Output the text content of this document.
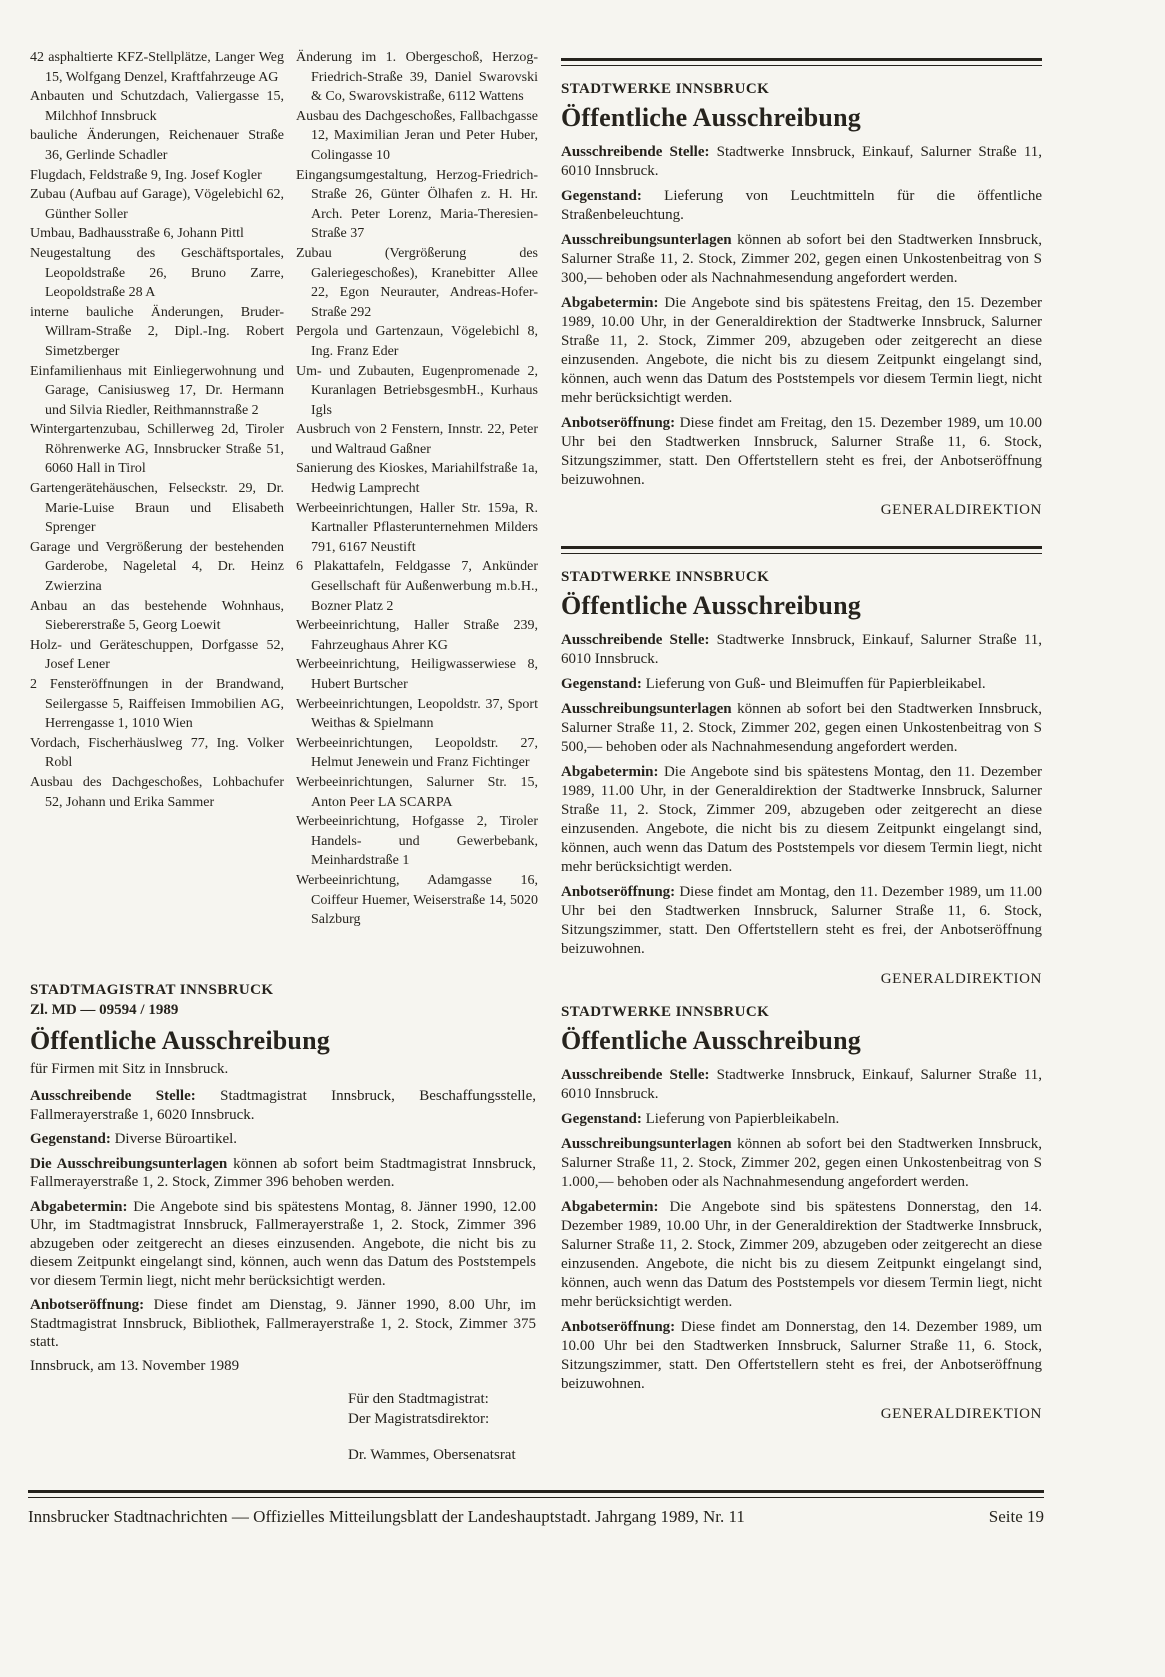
42 asphaltierte KFZ-Stellplätze, Langer Weg 15, Wolfgang Denzel, Kraftfahrzeuge AG

Anbauten und Schutzdach, Valiergasse 15, Milchhof Innsbruck

bauliche Änderungen, Reichenauer Straße 36, Gerlinde Schadler

Flugdach, Feldstraße 9, Ing. Josef Kogler

Zubau (Aufbau auf Garage), Vögelebichl 62, Günther Soller

Umbau, Badhausstraße 6, Johann Pittl

Neugestaltung des Geschäftsportales, Leopoldstraße 26, Bruno Zarre, Leopoldstraße 28 A

interne bauliche Änderungen, Bruder-Willram-Straße 2, Dipl.-Ing. Robert Simetzberger

Einfamilienhaus mit Einliegerwohnung und Garage, Canisiusweg 17, Dr. Hermann und Silvia Riedler, Reithmannstraße 2

Wintergartenzubau, Schillerweg 2d, Tiroler Röhrenwerke AG, Innsbrucker Straße 51, 6060 Hall in Tirol

Gartengerätehäuschen, Felseckstr. 29, Dr. Marie-Luise Braun und Elisabeth Sprenger

Garage und Vergrößerung der bestehenden Garderobe, Nageletal 4, Dr. Heinz Zwierzina

Anbau an das bestehende Wohnhaus, Siebererstraße 5, Georg Loewit

Holz- und Geräteschuppen, Dorfgasse 52, Josef Lener

2 Fensteröffnungen in der Brandwand, Seilergasse 5, Raiffeisen Immobilien AG, Herrengasse 1, 1010 Wien

Vordach, Fischerhäuslweg 77, Ing. Volker Robl

Ausbau des Dachgeschoßes, Lohbachufer 52, Johann und Erika Sammer

Änderung im 1. Obergeschoß, Herzog-Friedrich-Straße 39, Daniel Swarovski & Co, Swarovskistraße, 6112 Wattens

Ausbau des Dachgeschoßes, Fallbachgasse 12, Maximilian Jeran und Peter Huber, Colingasse 10

Eingangsumgestaltung, Herzog-Friedrich-Straße 26, Günter Ölhafen z. H. Hr. Arch. Peter Lorenz, Maria-Theresien-Straße 37

Zubau (Vergrößerung des Galeriegeschoßes), Kranebitter Allee 22, Egon Neurauter, Andreas-Hofer-Straße 292

Pergola und Gartenzaun, Vögelebichl 8, Ing. Franz Eder

Um- und Zubauten, Eugenpromenade 2, Kuranlagen BetriebsgesmbH., Kurhaus Igls

Ausbruch von 2 Fenstern, Innstr. 22, Peter und Waltraud Gaßner

Sanierung des Kioskes, Mariahilfstraße 1a, Hedwig Lamprecht

Werbeeinrichtungen, Haller Str. 159a, R. Kartnaller Pflasterunternehmen Milders 791, 6167 Neustift

6 Plakattafeln, Feldgasse 7, Ankünder Gesellschaft für Außenwerbung m.b.H., Bozner Platz 2

Werbeeinrichtung, Haller Straße 239, Fahrzeughaus Ahrer KG

Werbeeinrichtung, Heiligwasserwiese 8, Hubert Burtscher

Werbeeinrichtungen, Leopoldstr. 37, Sport Weithas & Spielmann

Werbeeinrichtungen, Leopoldstr. 27, Helmut Jenewein und Franz Fichtinger

Werbeeinrichtungen, Salurner Str. 15, Anton Peer LA SCARPA

Werbeeinrichtung, Hofgasse 2, Tiroler Handels- und Gewerbebank, Meinhardstraße 1

Werbeeinrichtung, Adamgasse 16, Coiffeur Huemer, Weiserstraße 14, 5020 Salzburg

STADTMAGISTRAT INNSBRUCK

Zl. MD — 09594 / 1989

Öffentliche Ausschreibung

für Firmen mit Sitz in Innsbruck.

Ausschreibende Stelle: Stadtmagistrat Innsbruck, Beschaffungsstelle, Fallmerayerstraße 1, 6020 Innsbruck.

Gegenstand: Diverse Büroartikel.

Die Ausschreibungsunterlagen können ab sofort beim Stadtmagistrat Innsbruck, Fallmerayerstraße 1, 2. Stock, Zimmer 396 behoben werden.

Abgabetermin: Die Angebote sind bis spätestens Montag, 8. Jänner 1990, 12.00 Uhr, im Stadtmagistrat Innsbruck, Fallmerayerstraße 1, 2. Stock, Zimmer 396 abzugeben oder zeitgerecht an dieses einzusenden. Angebote, die nicht bis zu diesem Zeitpunkt eingelangt sind, können, auch wenn das Datum des Poststempels vor diesem Termin liegt, nicht mehr berücksichtigt werden.

Anbotseröffnung: Diese findet am Dienstag, 9. Jänner 1990, 8.00 Uhr, im Stadtmagistrat Innsbruck, Bibliothek, Fallmerayerstraße 1, 2. Stock, Zimmer 375 statt.

Innsbruck, am 13. November 1989

Für den Stadtmagistrat:

Der Magistratsdirektor:

Dr. Wammes, Obersenatsrat

STADTWERKE INNSBRUCK
Öffentliche Ausschreibung

Ausschreibende Stelle: Stadtwerke Innsbruck, Einkauf, Salurner Straße 11, 6010 Innsbruck.

Gegenstand: Lieferung von Leuchtmitteln für die öffentliche Straßenbeleuchtung.

Ausschreibungsunterlagen können ab sofort bei den Stadtwerken Innsbruck, Salurner Straße 11, 2. Stock, Zimmer 202, gegen einen Unkostenbeitrag von S 300,— behoben oder als Nachnahmesendung angefordert werden.

Abgabetermin: Die Angebote sind bis spätestens Freitag, den 15. Dezember 1989, 10.00 Uhr, in der Generaldirektion der Stadtwerke Innsbruck, Salurner Straße 11, 2. Stock, Zimmer 209, abzugeben oder zeitgerecht an diese einzusenden. Angebote, die nicht bis zu diesem Zeitpunkt eingelangt sind, können, auch wenn das Datum des Poststempels vor diesem Termin liegt, nicht mehr berücksichtigt werden.

Anbotseröffnung: Diese findet am Freitag, den 15. Dezember 1989, um 10.00 Uhr bei den Stadtwerken Innsbruck, Salurner Straße 11, 6. Stock, Sitzungszimmer, statt. Den Offertstellern steht es frei, der Anbotseröffnung beizuwohnen.

GENERALDIREKTION

STADTWERKE INNSBRUCK
Öffentliche Ausschreibung

Ausschreibende Stelle: Stadtwerke Innsbruck, Einkauf, Salurner Straße 11, 6010 Innsbruck.

Gegenstand: Lieferung von Guß- und Bleimuffen für Papierbleikabel.

Ausschreibungsunterlagen können ab sofort bei den Stadtwerken Innsbruck, Salurner Straße 11, 2. Stock, Zimmer 202, gegen einen Unkostenbeitrag von S 500,— behoben oder als Nachnahmesendung angefordert werden.

Abgabetermin: Die Angebote sind bis spätestens Montag, den 11. Dezember 1989, 11.00 Uhr, in der Generaldirektion der Stadtwerke Innsbruck, Salurner Straße 11, 2. Stock, Zimmer 209, abzugeben oder zeitgerecht an diese einzusenden. Angebote, die nicht bis zu diesem Zeitpunkt eingelangt sind, können, auch wenn das Datum des Poststempels vor diesem Termin liegt, nicht mehr berücksichtigt werden.

Anbotseröffnung: Diese findet am Montag, den 11. Dezember 1989, um 11.00 Uhr bei den Stadtwerken Innsbruck, Salurner Straße 11, 6. Stock, Sitzungszimmer, statt. Den Offertstellern steht es frei, der Anbotseröffnung beizuwohnen.

GENERALDIREKTION

STADTWERKE INNSBRUCK
Öffentliche Ausschreibung

Ausschreibende Stelle: Stadtwerke Innsbruck, Einkauf, Salurner Straße 11, 6010 Innsbruck.

Gegenstand: Lieferung von Papierbleikabeln.

Ausschreibungsunterlagen können ab sofort bei den Stadtwerken Innsbruck, Salurner Straße 11, 2. Stock, Zimmer 202, gegen einen Unkostenbeitrag von S 1.000,— behoben oder als Nachnahmesendung angefordert werden.

Abgabetermin: Die Angebote sind bis spätestens Donnerstag, den 14. Dezember 1989, 10.00 Uhr, in der Generaldirektion der Stadtwerke Innsbruck, Salurner Straße 11, 2. Stock, Zimmer 209, abzugeben oder zeitgerecht an diese einzusenden. Angebote, die nicht bis zu diesem Zeitpunkt eingelangt sind, können, auch wenn das Datum des Poststempels vor diesem Termin liegt, nicht mehr berücksichtigt werden.

Anbotseröffnung: Diese findet am Donnerstag, den 14. Dezember 1989, um 10.00 Uhr bei den Stadtwerken Innsbruck, Salurner Straße 11, 6. Stock, Sitzungszimmer, statt. Den Offertstellern steht es frei, der Anbotseröffnung beizuwohnen.

GENERALDIREKTION

Innsbrucker Stadtnachrichten — Offizielles Mitteilungsblatt der Landeshauptstadt. Jahrgang 1989, Nr. 11	Seite 19
